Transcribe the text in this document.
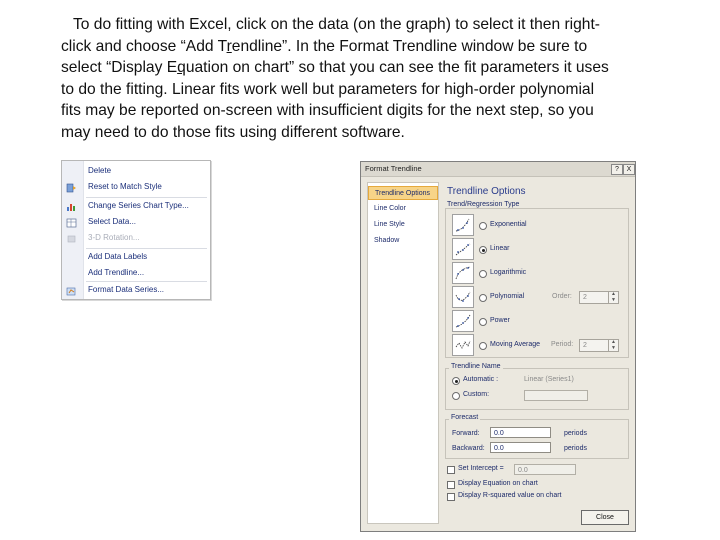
To do fitting with Excel, click on the data (on the graph) to select it then right-
click and choose “Add Trendline”. In the Format Trendline window be sure to
select “Display Equation on chart” so that you can see the fit parameters it uses
to do the fitting. Linear fits work well but parameters for high-order polynomial
fits may be reported on-screen with insufficient digits for the next step, so you
may need to do those fits using different software.
Delete
Reset to Match Style
Change Series Chart Type...
Select Data...
3-D Rotation...
Add Data Labels
Add Trendline...
Format Data Series...
Format Trendline	?	X
Trendline Options
Line Color
Line Style
Shadow
Trendline Options
Trend/Regression Type
Exponential
Linear
Logarithmic
Polynomial	Order: 2	▲
▼
Power
Moving Average Period: 2	▲
▼
Trendline Name
Automatic :	Linear (Series1)
Custom:
Forecast
Forward:	0.0	periods
Backward:	0.0	periods
Set Intercept =	0.0
Display Equation on chart
Display R-squared value on chart
Close
